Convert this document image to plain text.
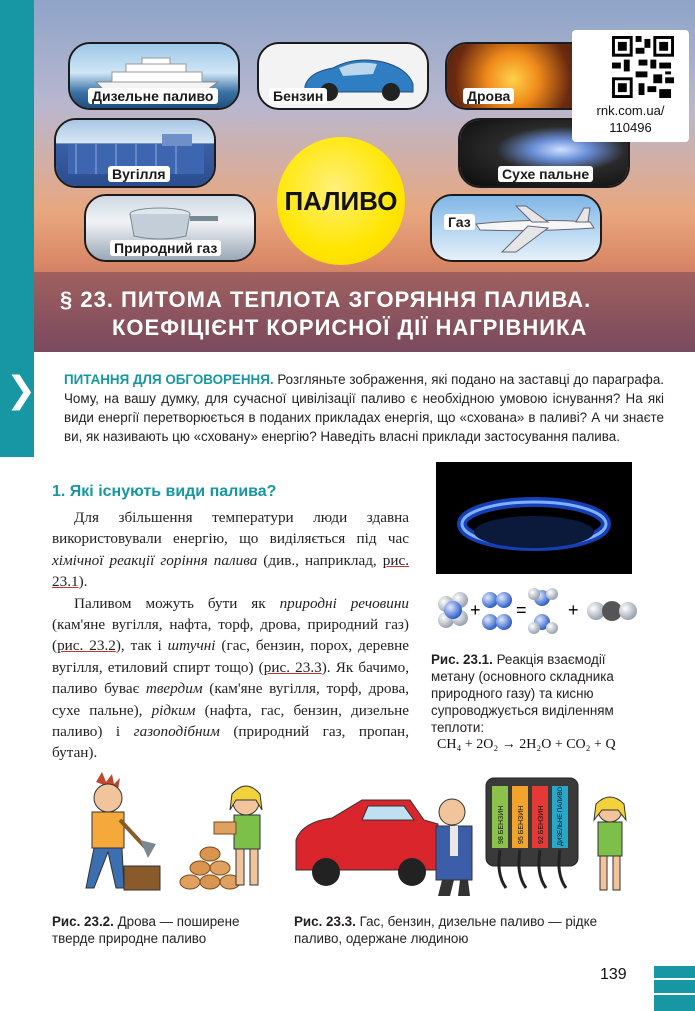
❯
Дизельне паливо	Бензин	Дрова
Вугілля	Сухе пальне
Природний газ
Газ
ПАЛИВО
rnk.com.ua/
110496
§ 23. ПИТОМА ТЕПЛОТА ЗГОРЯННЯ ПАЛИВА.
КОЕФІЦІЄНТ КОРИСНОЇ ДІЇ НАГРІВНИКА
ПИТАННЯ ДЛЯ ОБГОВОРЕННЯ. Розгляньте зображення, які подано на заставці до параграфа. Чому, на вашу думку, для сучасної цивілізації паливо є необхідною умовою існування? На які види енергії перетворюється в поданих прикладах енергія, що «схована» в паливі? А чи знаєте ви, як називають цю «сховану» енергію? Наведіть власні приклади застосування палива.
1. Які існують види палива?

Для збільшення температури люди здавна використовували енергію, що виділяється під час хімічної реакції горіння палива (див., наприклад, рис. 23.1).

Паливом можуть бути як природні речовини (кам'яне вугілля, нафта, торф, дрова, природний газ) (рис. 23.2), так і штучні (гас, бензин, порох, деревне вугілля, етиловий спирт тощо) (рис. 23.3). Як бачимо, паливо буває твердим (кам'яне вугілля, торф, дрова, сухе пальне), рідким (нафта, гас, бензин, дизельне паливо) і газоподібним (природний газ, пропан, бутан).

+ = +
Рис. 23.1. Реакція взаємодії метану (основного складника природного газу) та кисню супроводжується виділенням теплоти:
CH₄ + 2O₂ → 2H₂O + CO₂ + Q
98 БЕНЗИН 95 БЕНЗИН 92 БЕНЗИН ДИЗЕЛЬНЕ ПАЛИВО
Рис. 23.2. Дрова — поширене тверде природне паливо
Рис. 23.3. Гас, бензин, дизельне паливо — рідке паливо, одержане людиною
139
